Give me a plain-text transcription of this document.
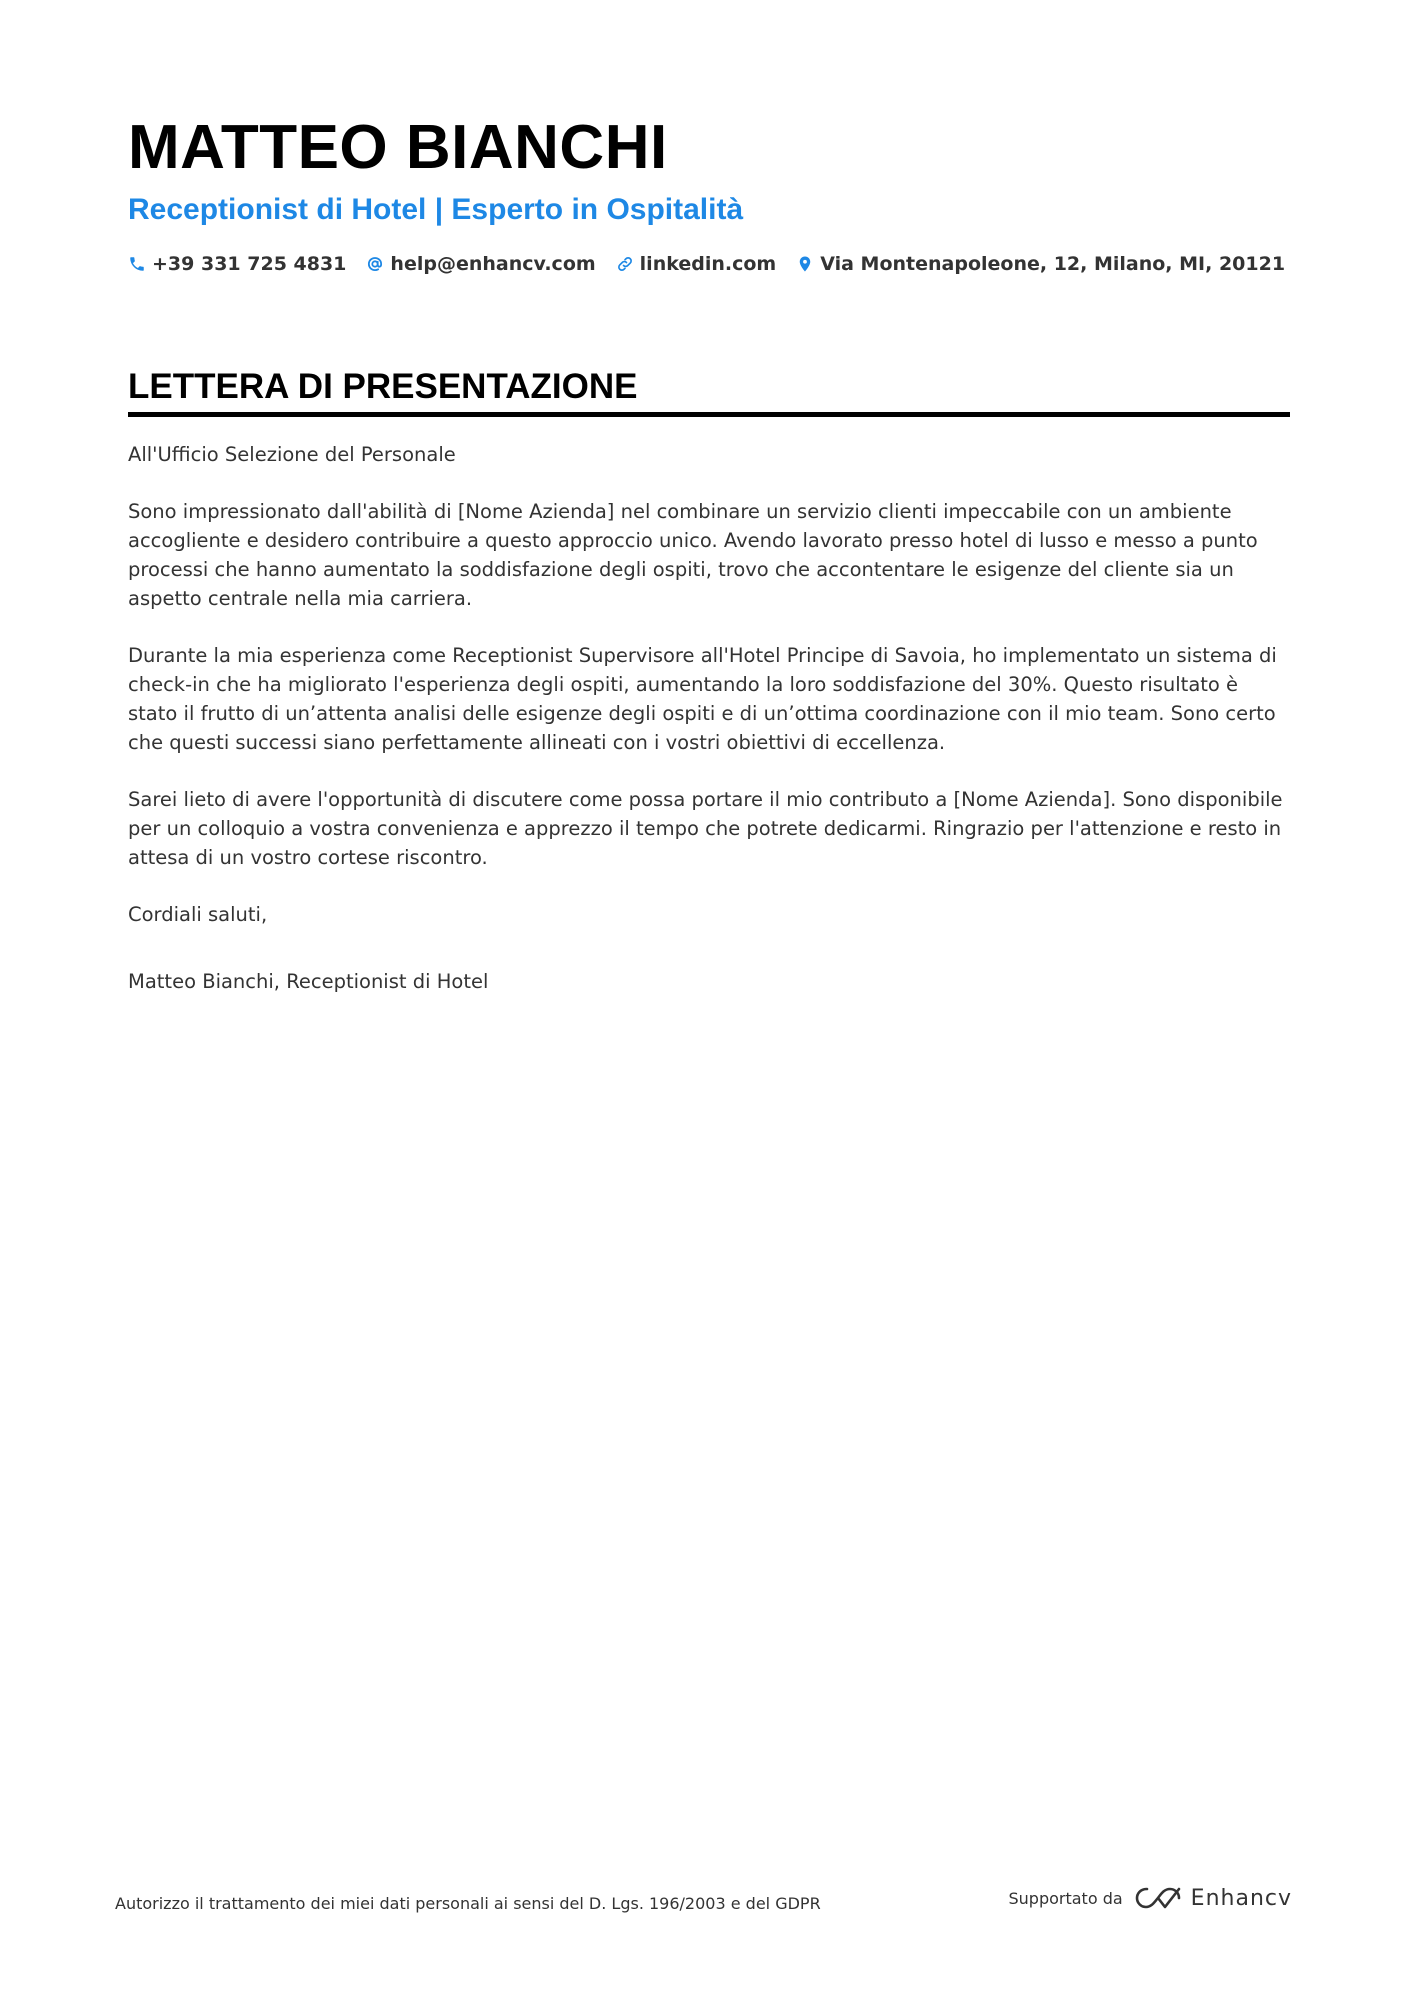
MATTEO BIANCHI
Receptionist di Hotel | Esperto in Ospitalità
+39 331 725 4831 help@enhancv.com linkedin.com Via Montenapoleone, 12, Milano, MI, 20121
LETTERA DI PRESENTAZIONE

All'Ufficio Selezione del Personale

Sono impressionato dall'abilità di [Nome Azienda] nel combinare un servizio clienti impeccabile con un ambiente accogliente e desidero contribuire a questo approccio unico. Avendo lavorato presso hotel di lusso e messo a punto processi che hanno aumentato la soddisfazione degli ospiti, trovo che accontentare le esigenze del cliente sia un aspetto centrale nella mia carriera.

Durante la mia esperienza come Receptionist Supervisore all'Hotel Principe di Savoia, ho implementato un sistema di check-in che ha migliorato l'esperienza degli ospiti, aumentando la loro soddisfazione del 30%. Questo risultato è stato il frutto di un’attenta analisi delle esigenze degli ospiti e di un’ottima coordinazione con il mio team. Sono certo che questi successi siano perfettamente allineati con i vostri obiettivi di eccellenza.

Sarei lieto di avere l'opportunità di discutere come possa portare il mio contributo a [Nome Azienda]. Sono disponibile per un colloquio a vostra convenienza e apprezzo il tempo che potrete dedicarmi. Ringrazio per l'attenzione e resto in attesa di un vostro cortese riscontro.

Cordiali saluti,

Matteo Bianchi, Receptionist di Hotel

Autorizzo il trattamento dei miei dati personali ai sensi del D. Lgs. 196/2003 e del GDPR	Supportato da	Enhancv
